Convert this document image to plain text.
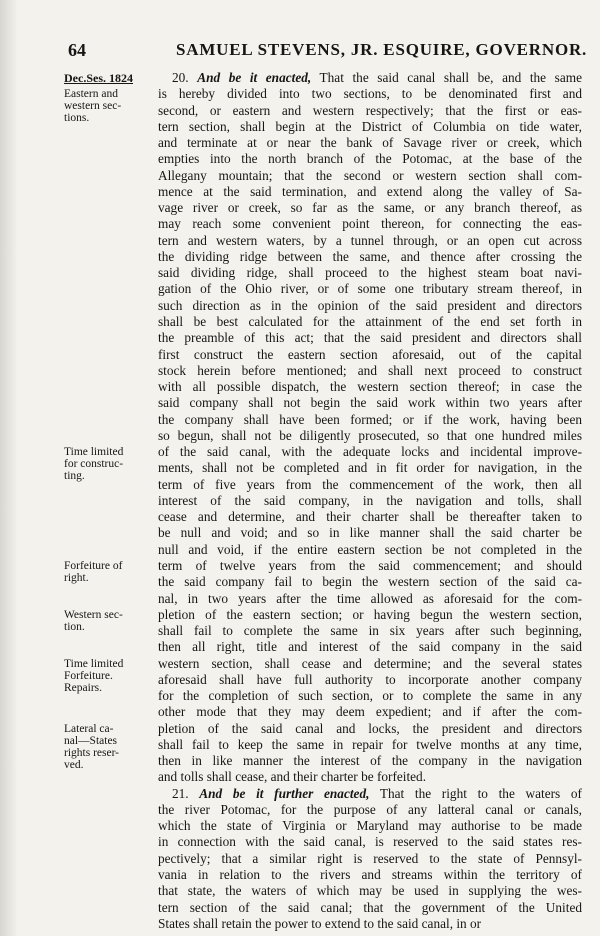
64	SAMUEL STEVENS, JR. ESQUIRE, GOVERNOR.
Dec.Ses. 1824
Eastern and
western sec-
tions.
Time limited
for construc-
ting.
Forfeiture of
right.
Western sec-
tion.
Time limited
Forfeiture.
Repairs.
Lateral ca-
nal—States
rights reser-
ved.
20. And be it enacted, That the said canal shall be, and the same
is hereby divided into two sections, to be denominated first and
second, or eastern and western respectively; that the first or eas-
tern section, shall begin at the District of Columbia on tide water,
and terminate at or near the bank of Savage river or creek, which
empties into the north branch of the Potomac, at the base of the
Allegany mountain; that the second or western section shall com-
mence at the said termination, and extend along the valley of Sa-
vage river or creek, so far as the same, or any branch thereof, as
may reach some convenient point thereon, for connecting the eas-
tern and western waters, by a tunnel through, or an open cut across
the dividing ridge between the same, and thence after crossing the
said dividing ridge, shall proceed to the highest steam boat navi-
gation of the Ohio river, or of some one tributary stream thereof, in
such direction as in the opinion of the said president and directors
shall be best calculated for the attainment of the end set forth in
the preamble of this act; that the said president and directors shall
first construct the eastern section aforesaid, out of the capital
stock herein before mentioned; and shall next proceed to construct
with all possible dispatch, the western section thereof; in case the
said company shall not begin the said work within two years after
the company shall have been formed; or if the work, having been
so begun, shall not be diligently prosecuted, so that one hundred miles
of the said canal, with the adequate locks and incidental improve-
ments, shall not be completed and in fit order for navigation, in the
term of five years from the commencement of the work, then all
interest of the said company, in the navigation and tolls, shall
cease and determine, and their charter shall be thereafter taken to
be null and void; and so in like manner shall the said charter be
null and void, if the entire eastern section be not completed in the
term of twelve years from the said commencement; and should
the said company fail to begin the western section of the said ca-
nal, in two years after the time allowed as aforesaid for the com-
pletion of the eastern section; or having begun the western section,
shall fail to complete the same in six years after such beginning,
then all right, title and interest of the said company in the said
western section, shall cease and determine; and the several states
aforesaid shall have full authority to incorporate another company
for the completion of such section, or to complete the same in any
other mode that they may deem expedient; and if after the com-
pletion of the said canal and locks, the president and directors
shall fail to keep the same in repair for twelve months at any time,
then in like manner the interest of the company in the navigation
and tolls shall cease, and their charter be forfeited.
21. And be it further enacted, That the right to the waters of
the river Potomac, for the purpose of any latteral canal or canals,
which the state of Virginia or Maryland may authorise to be made
in connection with the said canal, is reserved to the said states res-
pectively; that a similar right is reserved to the state of Pennsyl-
vania in relation to the rivers and streams within the territory of
that state, the waters of which may be used in supplying the wes-
tern section of the said canal; that the government of the United
States shall retain the power to extend to the said canal, in or
